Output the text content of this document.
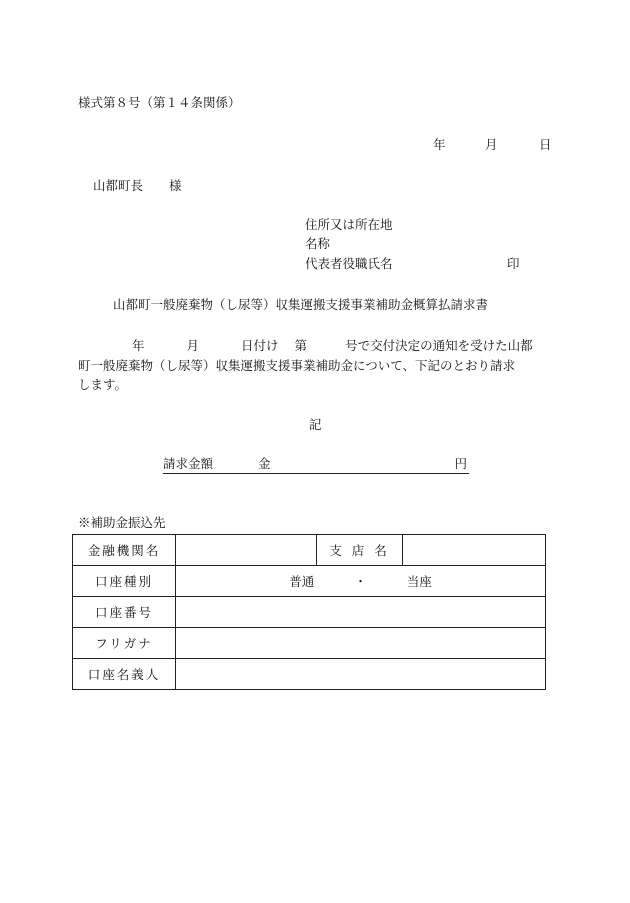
様式第８号（第１４条関係）
年	月	日
山都町長 様
住所又は所在地
名称
代表者役職氏名	印
山都町一般廃棄物（し尿等）収集運搬支援事業補助金概算払請求書
年	月	日付け 第	号で交付決定の通知を受けた山都
町一般廃棄物（し尿等）収集運搬支援事業補助金について、下記のとおり請求
します。
記
請求金額	金	円
※補助金振込先
金融機関名		支 店 名	
口座種別	普通 ・ 当座		
口座番号			
フリガナ			
口座名義人			
